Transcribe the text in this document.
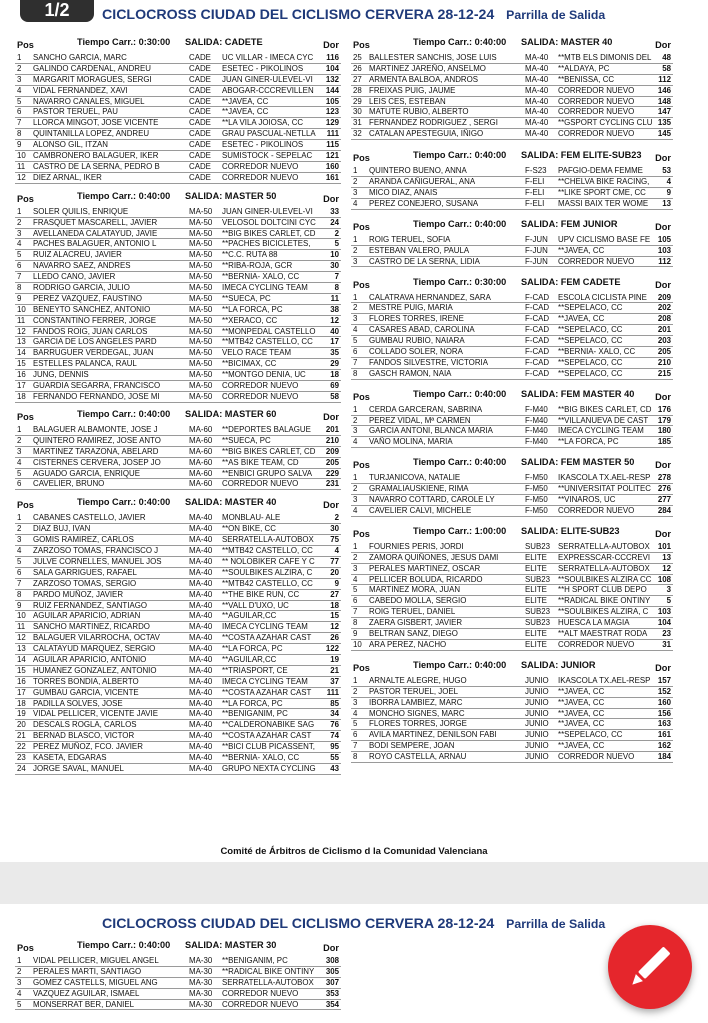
1/2	CICLOCROSS CIUDAD DEL CICLISMO CERVERA 28-12-24 Parrilla de Salida
Pos	Tiempo Carr.: 0:30:00 SALIDA: CADETE	Dor
1	SANCHO GARCIA, MARC	CADE	UC VILLAR - IMECA CYC	116
2	GALINDO CARDENAL, ANDREU	CADE	ESETEC - PIKOLINOS	104
3	MARGARIT MORAGUES, SERGI	CADE	JUAN GINER-ULEVEL-VI	132
4	VIDAL FERNANDEZ, XAVI	CADE	ABOGAR-CCCREVILLEN	144
5	NAVARRO CANALES, MIGUEL	CADE	**JAVEA, CC	105
6	PASTOR TERUEL, PAU	CADE	**JAVEA, CC	123
7	LLORCA MINGOT, JOSE VICENTE	CADE	**LA VILA JOIOSA, CC	129
8	QUINTANILLA LOPEZ, ANDREU	CADE	GRAU PASCUAL-NETLLA	111
9	ALONSO GIL, ITZAN	CADE	ESETEC - PIKOLINOS	115
10 CAMBRONERO BALAGUER, IKER	CADE	SUMISTOCK - SEPELAC	121
11 CASTRO DE LA SERNA, PEDRO B	CADE	CORREDOR NUEVO	160
12 DIEZ ARNAL, IKER	CADE	CORREDOR NUEVO	161
Pos	Tiempo Carr.: 0:40:00 SALIDA: MASTER 50	Dor
1	SOLER QUILIS, ENRIQUE	MA-50	JUAN GINER-ULEVEL-VI	33
2	FRASQUET MASCARELL, JAVIER	MA-50	VELOSOL DOLTCINI CYC	24
3	AVELLANEDA CALATAYUD, JAVIE	MA-50	**BIG BIKES CARLET, CD	2
4	PACHES BALAGUER, ANTONIO L	MA-50	**PACHES BICICLETES,	5
5	RUIZ ALACREU, JAVIER	MA-50	**C.C. RUTA 88	10
6	NAVARRO SAEZ, ANDRES	MA-50	**RIBA-ROJA, GCR	30
7	LLEDO CANO, JAVIER	MA-50	**BERNIA- XALO, CC	7
8	RODRIGO GARCIA, JULIO	MA-50	IMECA CYCLING TEAM	8
9	PEREZ VAZQUEZ, FAUSTINO	MA-50	**SUECA, PC	11
10 BENEYTO SANCHEZ, ANTONIO	MA-50	**LA FORCA, PC	38
11 CONSTANTINO FERRER, JORGE	MA-50	**XERACO, CC	12
12 FANDOS ROIG, JUAN CARLOS	MA-50	**MONPEDAL CASTELLO	40
13 GARCIA DE LOS ANGELES PARD	MA-50	**MTB42 CASTELLO, CC	17
14 BARRUGUER VERDEGAL, JUAN	MA-50	VELO RACE TEAM	35
15 ESTELLES PALANCA, RAUL	MA-50	**BICIMAX, CC	29
16 JUNG, DENNIS	MA-50	**MONTGO DENIA, UC	18
17 GUARDIA SEGARRA, FRANCISCO	MA-50	CORREDOR NUEVO	69
18 FERNANDO FERNANDO, JOSE MI	MA-50	CORREDOR NUEVO	58
Pos	Tiempo Carr.: 0:40:00 SALIDA: MASTER 60	Dor
1	BALAGUER ALBAMONTE, JOSE J	MA-60	**DEPORTES BALAGUE	201
2	QUINTERO RAMIREZ, JOSE ANTO	MA-60	**SUECA, PC	210
3	MARTINEZ TARAZONA, ABELARD	MA-60	**BIG BIKES CARLET, CD	209
4	CISTERNES CERVERA, JOSEP JO	MA-60	**AS BIKE TEAM, CD	205
5	AGUADO GARCIA, ENRIQUE	MA-60	**ENBICI GRUPO SALVA	229
6	CAVELIER, BRUNO	MA-60	CORREDOR NUEVO	231
Pos	Tiempo Carr.: 0:40:00 SALIDA: MASTER 40	Dor
1	CABANES CASTELLO, JAVIER	MA-40	MONBLAU- ALE	2
2	DIAZ BUJ, IVAN	MA-40	**ON BIKE, CC	30
3	GOMIS RAMIREZ, CARLOS	MA-40	SERRATELLA-AUTOBOX	75
4	ZARZOSO TOMAS, FRANCISCO J	MA-40	**MTB42 CASTELLO, CC	4
5	JULVE CORNELLES, MANUEL JOS	MA-40	** NOLOBIKER CAFE Y C	77
6	SALA GARRIGUES, RAFAEL	MA-40	**SOULBIKES ALZIRA, C	20
7	ZARZOSO TOMAS, SERGIO	MA-40	**MTB42 CASTELLO, CC	9
8	PARDO MUÑOZ, JAVIER	MA-40	**THE BIKE RUN, CC	27
9	RUIZ FERNANDEZ, SANTIAGO	MA-40	**VALL D'UXO, UC	18
10 AGUILAR APARICIO, ADRIAN	MA-40	**AGUILAR,CC	15
11 SANCHO MARTINEZ, RICARDO	MA-40	IMECA CYCLING TEAM	12
12 BALAGUER VILARROCHA, OCTAV	MA-40	**COSTA AZAHAR CAST	26
13 CALATAYUD MARQUEZ, SERGIO	MA-40	**LA FORCA, PC	122
14 AGUILAR APARICIO, ANTONIO	MA-40	**AGUILAR,CC	19
15 HUMANEZ GONZALEZ, ANTONIO	MA-40	**TRIASPORT, CE	21
16 TORRES BONDIA, ALBERTO	MA-40	IMECA CYCLING TEAM	37
17 GUMBAU GARCIA, VICENTE	MA-40	**COSTA AZAHAR CAST	111
18 PADILLA SOLVES, JOSE	MA-40	**LA FORCA, PC	85
19 VIDAL PELLICER, VICENTE JAVIE	MA-40	**BENIGANIM, PC	34
20 DESCALS ROGLA, CARLOS	MA-40	**CALDERONABIKE SAG	76
21 BERNAD BLASCO, VICTOR	MA-40	**COSTA AZAHAR CAST	74
22 PEREZ MUÑOZ, FCO. JAVIER	MA-40	**BICI CLUB PICASSENT,	95
23 KASETA, EDGARAS	MA-40	**BERNIA- XALO, CC	55
24 JORGE SAVAL, MANUEL	MA-40	GRUPO NEXTA CYCLING	43
Pos	Tiempo Carr.: 0:40:00 SALIDA: MASTER 40	Dor
25 BALLESTER SANCHIS, JOSE LUIS	MA-40	**MTB ELS DIMONIS DEL	48
26 MARTINEZ JAREÑO, ANSELMO	MA-40	**ALDAYA, PC	58
27 ARMENTA BALBOA, ANDROS	MA-40	**BENISSA, CC	112
28 FREIXAS PUIG, JAUME	MA-40	CORREDOR NUEVO	146
29 LEIS CES, ESTEBAN	MA-40	CORREDOR NUEVO	148
30 MATUTE RUBIO, ALBERTO	MA-40	CORREDOR NUEVO	147
31 FERNANDEZ RODRIGUEZ , SERGI	MA-40	**GSPORT CYCLING CLU 135
32 CATALAN APESTEGUIA, IÑIGO	MA-40	CORREDOR NUEVO	145
Pos	Tiempo Carr.: 0:40:00 SALIDA: FEM ELITE-SUB23 Dor
1	QUINTERO BUENO, ANNA	F-S23	PAFGIO-DEMA FEMME	53
2	ARANDA CAÑIGUERAL, ANA	F-ELI	**CHELVA BIKE RACING,	4
3	MICO DIAZ, ANAIS	F-ELI	**LIKE SPORT CME, CC	9
4	PEREZ CONEJERO, SUSANA	F-ELI	MASSI BAIX TER WOME	13
Pos	Tiempo Carr.: 0:40:00 SALIDA: FEM JUNIOR	Dor
1	ROIG TERUEL, SOFIA	F-JUN	UPV CICLISMO BASE FE 105
2	ESTEBAN VALERO, PAULA	F-JUN	**JAVEA, CC	103
3	CASTRO DE LA SERNA, LIDIA	F-JUN	CORREDOR NUEVO	112
Pos	Tiempo Carr.: 0:30:00 SALIDA: FEM CADETE	Dor
1	CALATRAVA HERNANDEZ, SARA	F-CAD	ESCOLA CICLISTA PINE	209
2	MESTRE PUIG, MARIA	F-CAD	**SEPELACO, CC	202
3	FLORES TORRES, IRENE	F-CAD	**JAVEA, CC	208
4	CASARES ABAD, CAROLINA	F-CAD	**SEPELACO, CC	201
5	GUMBAU RUBIO, NAIARA	F-CAD	**SEPELACO, CC	203
6	COLLADO SOLER, NORA	F-CAD	**BERNIA- XALO, CC	205
7	FANDOS SILVESTRE, VICTORIA	F-CAD	**SEPELACO, CC	210
8	GASCH RAMON, NAIA	F-CAD	**SEPELACO, CC	215
Pos	Tiempo Carr.: 0:40:00 SALIDA: FEM MASTER 40 Dor
1	CERDA GARCERAN, SABRINA	F-M40	**BIG BIKES CARLET, CD 176
2	PEREZ VIDAL, Mª CARMEN	F-M40	**VILLANUEVA DE CAST	179
3	GARCIA ANTONI, BLANCA MARIA	F-M40	IMECA CYCLING TEAM	180
4	VAÑO MOLINA, MARIA	F-M40	**LA FORCA, PC	185
Pos	Tiempo Carr.: 0:40:00 SALIDA: FEM MASTER 50 Dor
1	TURJANICOVA, NATALIE	F-M50	IKASCOLA TX.AEL-RESP 278
2	GRAMALIAUSKIENE, RIMA	F-M50	**UNIVERSITAT POLITEC 276
3	NAVARRO COTTARD, CAROLE LY	F-M50	**VINAROS, UC	277
4	CAVELIER CALVI, MICHELE	F-M50	CORREDOR NUEVO	284
Pos	Tiempo Carr.: 1:00:00 SALIDA: ELITE-SUB23	Dor
1	FOURNIES PERIS, JORDI	SUB23	SERRATELLA-AUTOBOX	101
2	ZAMORA QUIÑONES, JESUS DAMI	ELITE	EXPRESSCAR-CCCREVI	13
3	PERALES MARTINEZ, OSCAR	ELITE	SERRATELLA-AUTOBOX	12
4	PELLICER BOLUDA, RICARDO	SUB23	**SOULBIKES ALZIRA CC 108
5	MARTINEZ MORA, JUAN	ELITE	**H SPORT CLUB DEPO	3
6	CABEDO MOLLA, SERGIO	ELITE	**RADICAL BIKE ONTINY	5
7	ROIG TERUEL, DANIEL	SUB23	**SOULBIKES ALZIRA, C	103
8	ZAERA GISBERT, JAVIER	SUB23	HUESCA LA MAGIA	104
9	BELTRAN SANZ, DIEGO	ELITE	**ALT MAESTRAT RODA	23
10 ARA PEREZ, NACHO	ELITE	CORREDOR NUEVO	31
Pos	Tiempo Carr.: 0:40:00 SALIDA: JUNIOR	Dor
1	ARNALTE ALEGRE, HUGO	JUNIO	IKASCOLA TX.AEL-RESP 157
2	PASTOR TERUEL, JOEL	JUNIO	**JAVEA, CC	152
3	IBORRA LAMBIEZ, MARC	JUNIO	**JAVEA, CC	160
4	MONCHO SIGNES, MARC	JUNIO	**JAVEA, CC	156
5	FLORES TORRES, JORGE	JUNIO	**JAVEA, CC	163
6	AVILA MARTINEZ, DENILSON FABI	JUNIO	**SEPELACO, CC	161
7	BODI SEMPERE, JOAN	JUNIO	**JAVEA, CC	162
8	ROYO CASTELLA, ARNAU	JUNIO	CORREDOR NUEVO	184
Comité de Árbitros de Ciclismo d la Comunidad Valenciana
CICLOCROSS CIUDAD DEL CICLISMO CERVERA 28-12-24 Parrilla de Salida
Pos	Tiempo Carr.: 0:40:00 SALIDA: MASTER 30	Dor
1	VIDAL PELLICER, MIGUEL ANGEL	MA-30	**BENIGANIM, PC	308
2	PERALES MARTI, SANTIAGO	MA-30	**RADICAL BIKE ONTINY	305
3	GOMEZ CASTELLS, MIGUEL ANG	MA-30	SERRATELLA-AUTOBOX	307
4	VAZQUEZ AGUILAR, ISMAEL	MA-30	CORREDOR NUEVO	353
5	MONSERRAT BER, DANIEL	MA-30	CORREDOR NUEVO	354
